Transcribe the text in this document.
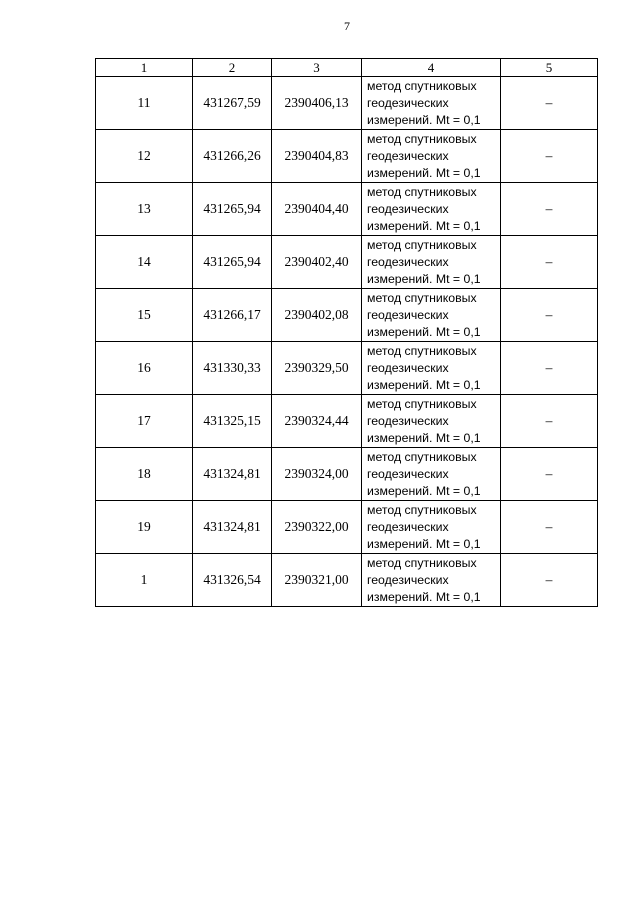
7
1	2	3	4	5
11	431267,59	2390406,13	метод спутниковых
геодезических
измерений. Mt = 0,1	–
12	431266,26	2390404,83	метод спутниковых
геодезических
измерений. Mt = 0,1	–
13	431265,94	2390404,40	метод спутниковых
геодезических
измерений. Mt = 0,1	–
14	431265,94	2390402,40	метод спутниковых
геодезических
измерений. Mt = 0,1	–
15	431266,17	2390402,08	метод спутниковых
геодезических
измерений. Mt = 0,1	–
16	431330,33	2390329,50	метод спутниковых
геодезических
измерений. Mt = 0,1	–
17	431325,15	2390324,44	метод спутниковых
геодезических
измерений. Mt = 0,1	–
18	431324,81	2390324,00	метод спутниковых
геодезических
измерений. Mt = 0,1	–
19	431324,81	2390322,00	метод спутниковых
геодезических
измерений. Mt = 0,1	–
1	431326,54	2390321,00	метод спутниковых
геодезических
измерений. Mt = 0,1	–
